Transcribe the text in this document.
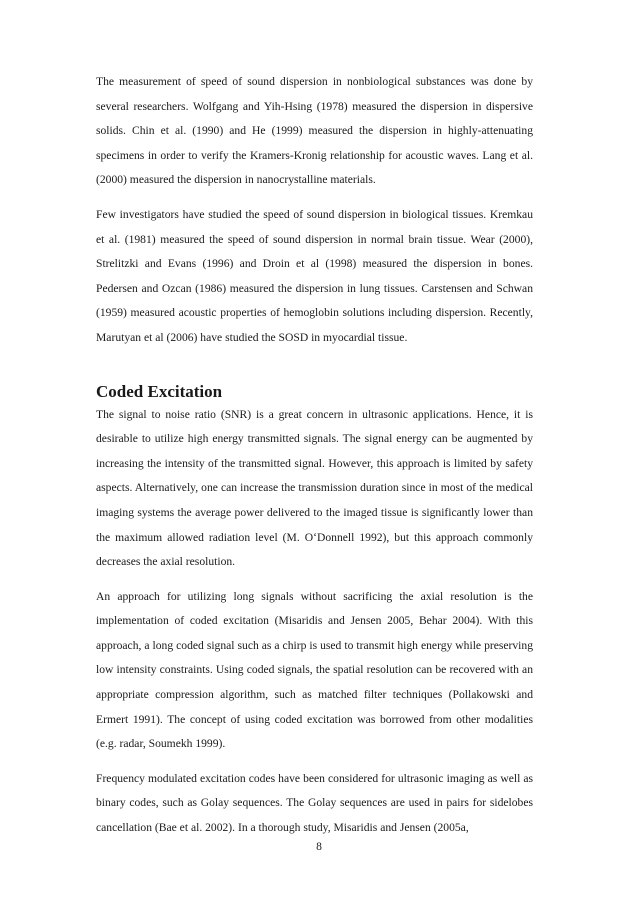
The measurement of speed of sound dispersion in nonbiological substances was done by several researchers. Wolfgang and Yih-Hsing (1978) measured the dispersion in dispersive solids. Chin et al. (1990) and He (1999) measured the dispersion in highly-attenuating specimens in order to verify the Kramers-Kronig relationship for acoustic waves. Lang et al. (2000) measured the dispersion in nanocrystalline materials.

Few investigators have studied the speed of sound dispersion in biological tissues. Kremkau et al. (1981) measured the speed of sound dispersion in normal brain tissue. Wear (2000), Strelitzki and Evans (1996) and Droin et al (1998) measured the dispersion in bones. Pedersen and Ozcan (1986) measured the dispersion in lung tissues. Carstensen and Schwan (1959) measured acoustic properties of hemoglobin solutions including dispersion. Recently, Marutyan et al (2006) have studied the SOSD in myocardial tissue.

Coded Excitation

The signal to noise ratio (SNR) is a great concern in ultrasonic applications. Hence, it is desirable to utilize high energy transmitted signals. The signal energy can be augmented by increasing the intensity of the transmitted signal. However, this approach is limited by safety aspects. Alternatively, one can increase the transmission duration since in most of the medical imaging systems the average power delivered to the imaged tissue is significantly lower than the maximum allowed radiation level (M. O‘Donnell 1992), but this approach commonly decreases the axial resolution.

An approach for utilizing long signals without sacrificing the axial resolution is the implementation of coded excitation (Misaridis and Jensen 2005, Behar 2004). With this approach, a long coded signal such as a chirp is used to transmit high energy while preserving low intensity constraints. Using coded signals, the spatial resolution can be recovered with an appropriate compression algorithm, such as matched filter techniques (Pollakowski and Ermert 1991). The concept of using coded excitation was borrowed from other modalities (e.g. radar, Soumekh 1999).

Frequency modulated excitation codes have been considered for ultrasonic imaging as well as binary codes, such as Golay sequences. The Golay sequences are used in pairs for sidelobes cancellation (Bae et al. 2002). In a thorough study, Misaridis and Jensen (2005a,

8
